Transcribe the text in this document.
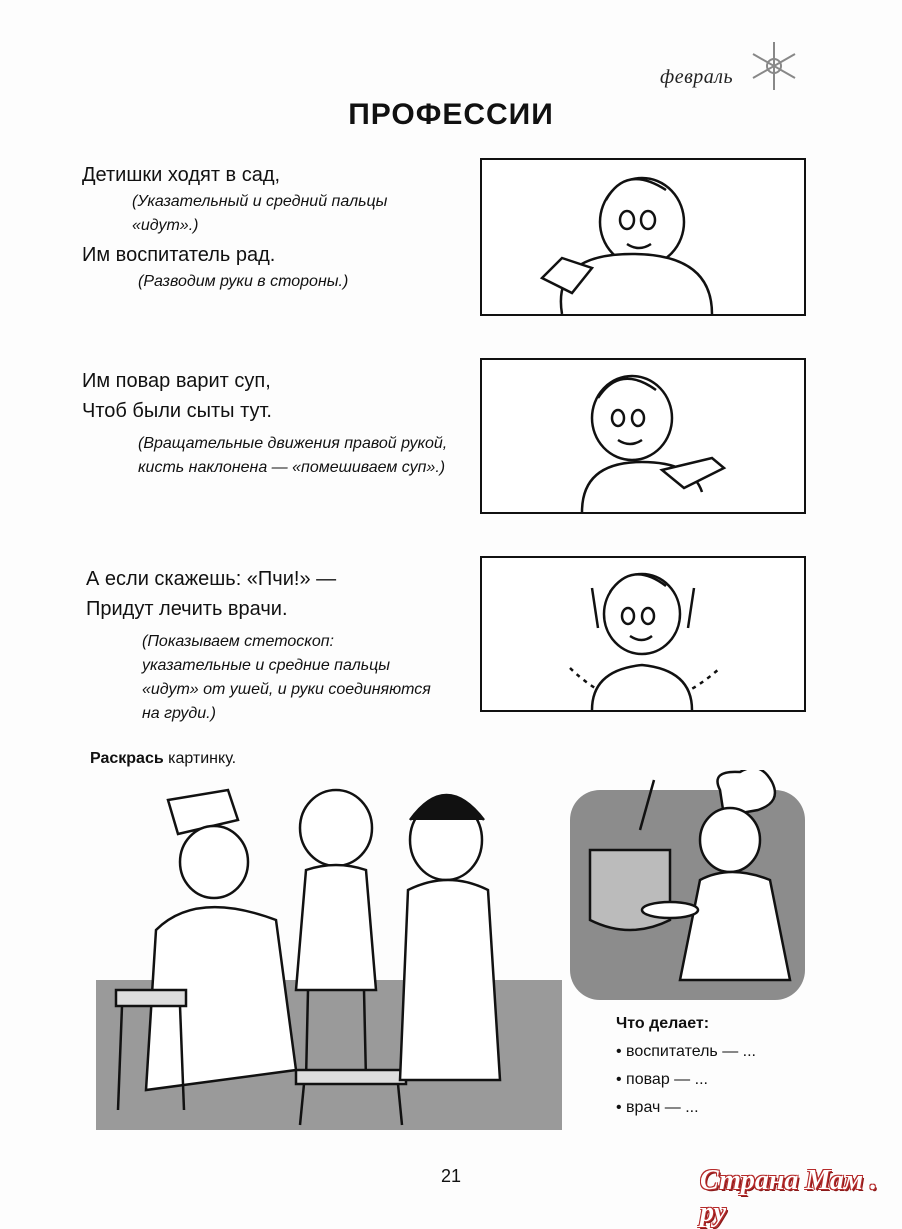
февраль
ПРОФЕССИИ
Детишки ходят в сад,
(Указательный и средний пальцы «идут».)
Им воспитатель рад.
(Разводим руки в стороны.)
Им повар варит суп,
Чтоб были сыты тут.
(Вращательные движения правой рукой, кисть наклонена — «помешиваем суп».)
А если скажешь: «Пчи!» —
Придут лечить врачи.
(Показываем стетоскоп: указательные и средние пальцы «идут» от ушей, и руки соединяются на груди.)
Раскрась картинку.
Что делает:
• воспитатель — ...
• повар — ...
• врач — ...
21	Страна Мам . ру
